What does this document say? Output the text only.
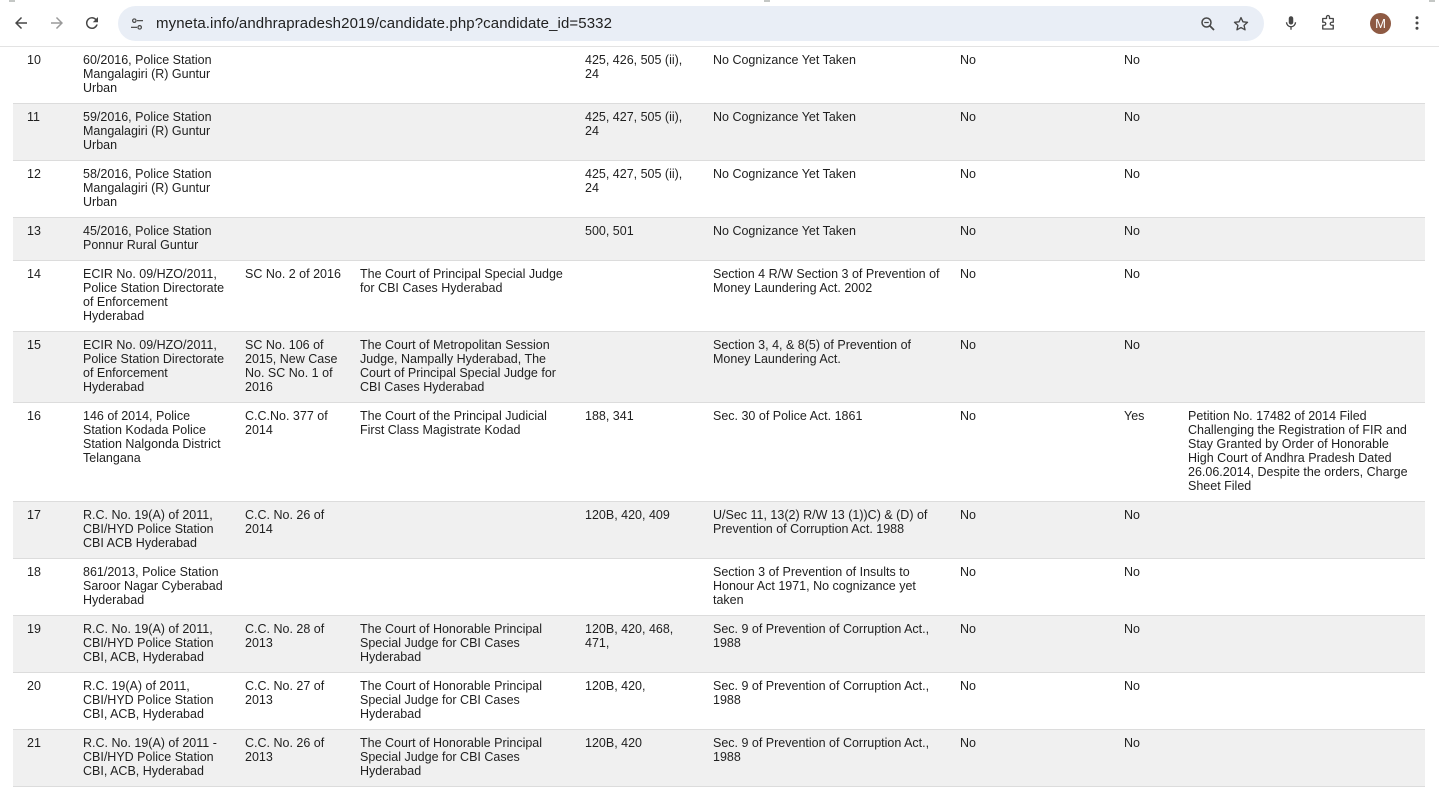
myneta.info/andhrapradesh2019/candidate.php?candidate_id=5332	M
10	60/2016, Police Station Mangalagiri (R) Guntur Urban			425, 426, 505 (ii), 24	No Cognizance Yet Taken	No	No	
11	59/2016, Police Station Mangalagiri (R) Guntur Urban			425, 427, 505 (ii), 24	No Cognizance Yet Taken	No	No	
12	58/2016, Police Station Mangalagiri (R) Guntur Urban			425, 427, 505 (ii), 24	No Cognizance Yet Taken	No	No	
13	45/2016, Police Station Ponnur Rural Guntur			500, 501	No Cognizance Yet Taken	No	No	
14	ECIR No. 09/HZO/2011, Police Station Directorate of Enforcement Hyderabad	SC No. 2 of 2016	The Court of Principal Special Judge for CBI Cases Hyderabad		Section 4 R/W Section 3 of Prevention of Money Laundering Act. 2002	No	No	
15	ECIR No. 09/HZO/2011, Police Station Directorate of Enforcement Hyderabad	SC No. 106 of 2015, New Case No. SC No. 1 of 2016	The Court of Metropolitan Session Judge, Nampally Hyderabad, The Court of Principal Special Judge for CBI Cases Hyderabad		Section 3, 4, & 8(5) of Prevention of Money Laundering Act.	No	No	
16	146 of 2014, Police Station Kodada Police Station Nalgonda District Telangana	C.C.No. 377 of 2014	The Court of the Principal Judicial First Class Magistrate Kodad	188, 341	Sec. 30 of Police Act. 1861	No	Yes	Petition No. 17482 of 2014 Filed Challenging the Registration of FIR and Stay Granted by Order of Honorable High Court of Andhra Pradesh Dated 26.06.2014, Despite the orders, Charge Sheet Filed
17	R.C. No. 19(A) of 2011, CBI/HYD Police Station CBI ACB Hyderabad	C.C. No. 26 of 2014		120B, 420, 409	U/Sec 11, 13(2) R/W 13 (1))C) & (D) of Prevention of Corruption Act. 1988	No	No	
18	861/2013, Police Station Saroor Nagar Cyberabad Hyderabad				Section 3 of Prevention of Insults to Honour Act 1971, No cognizance yet taken	No	No	
19	R.C. No. 19(A) of 2011, CBI/HYD Police Station CBI, ACB, Hyderabad	C.C. No. 28 of 2013	The Court of Honorable Principal Special Judge for CBI Cases Hyderabad	120B, 420, 468, 471,	Sec. 9 of Prevention of Corruption Act., 1988	No	No	
20	R.C. 19(A) of 2011, CBI/HYD Police Station CBI, ACB, Hyderabad	C.C. No. 27 of 2013	The Court of Honorable Principal Special Judge for CBI Cases Hyderabad	120B, 420,	Sec. 9 of Prevention of Corruption Act., 1988	No	No	
21	R.C. No. 19(A) of 2011 - CBI/HYD Police Station CBI, ACB, Hyderabad	C.C. No. 26 of 2013	The Court of Honorable Principal Special Judge for CBI Cases Hyderabad	120B, 420	Sec. 9 of Prevention of Corruption Act., 1988	No	No	
